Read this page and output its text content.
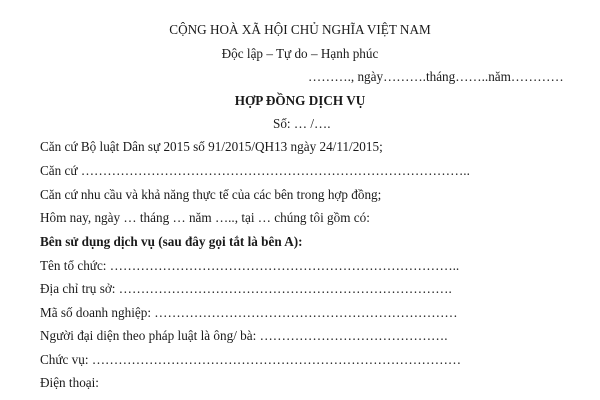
CỘNG HOÀ XÃ HỘI CHỦ NGHĨA VIỆT NAM
Độc lập – Tự do – Hạnh phúc
………., ngày……….tháng……..năm…………
HỢP ĐỒNG DỊCH VỤ
Số: … /….
Căn cứ Bộ luật Dân sự 2015 số 91/2015/QH13 ngày 24/11/2015;
Căn cứ ……………………………………………………………………………..
Căn cứ nhu cầu và khả năng thực tế của các bên trong hợp đồng;
Hôm nay, ngày … tháng … năm ….., tại … chúng tôi gồm có:
Bên sử dụng dịch vụ (sau đây gọi tắt là bên A):
Tên tổ chức: ……………………………………………………………………..
Địa chỉ trụ sở: ………………………………………………………………….
Mã số doanh nghiệp: ……………………………………………………………
Người đại diện theo pháp luật là ông/ bà: …………………………………….
Chức vụ: …………………………………………………………………………
Điện thoại:
